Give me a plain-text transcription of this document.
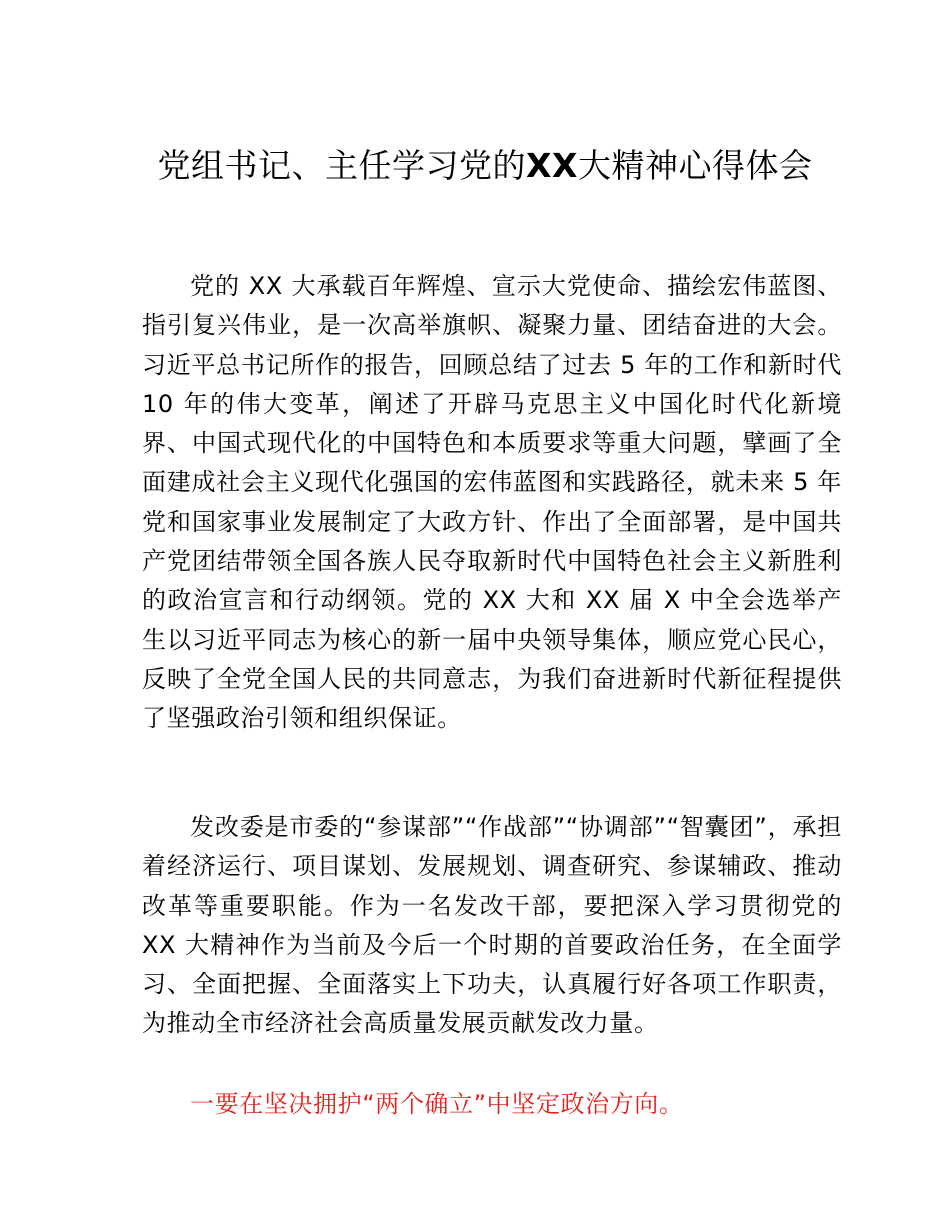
党组书记、主任学习党的XX大精神心得体会

党的 XX 大承载百年辉煌、宣示大党使命、描绘宏伟蓝图、指引复兴伟业，是一次高举旗帜、凝聚力量、团结奋进的大会。习近平总书记所作的报告，回顾总结了过去 5 年的工作和新时代 10 年的伟大变革，阐述了开辟马克思主义中国化时代化新境界、中国式现代化的中国特色和本质要求等重大问题，擘画了全面建成社会主义现代化强国的宏伟蓝图和实践路径，就未来 5 年党和国家事业发展制定了大政方针、作出了全面部署，是中国共产党团结带领全国各族人民夺取新时代中国特色社会主义新胜利的政治宣言和行动纲领。党的 XX 大和 XX 届 X 中全会选举产生以习近平同志为核心的新一届中央领导集体，顺应党心民心，反映了全党全国人民的共同意志，为我们奋进新时代新征程提供了坚强政治引领和组织保证。

发改委是市委的“参谋部”“作战部”“协调部”“智囊团”，承担着经济运行、项目谋划、发展规划、调查研究、参谋辅政、推动改革等重要职能。作为一名发改干部，要把深入学习贯彻党的 XX 大精神作为当前及今后一个时期的首要政治任务，在全面学习、全面把握、全面落实上下功夫，认真履行好各项工作职责，为推动全市经济社会高质量发展贡献发改力量。

一要在坚决拥护“两个确立”中坚定政治方向。
